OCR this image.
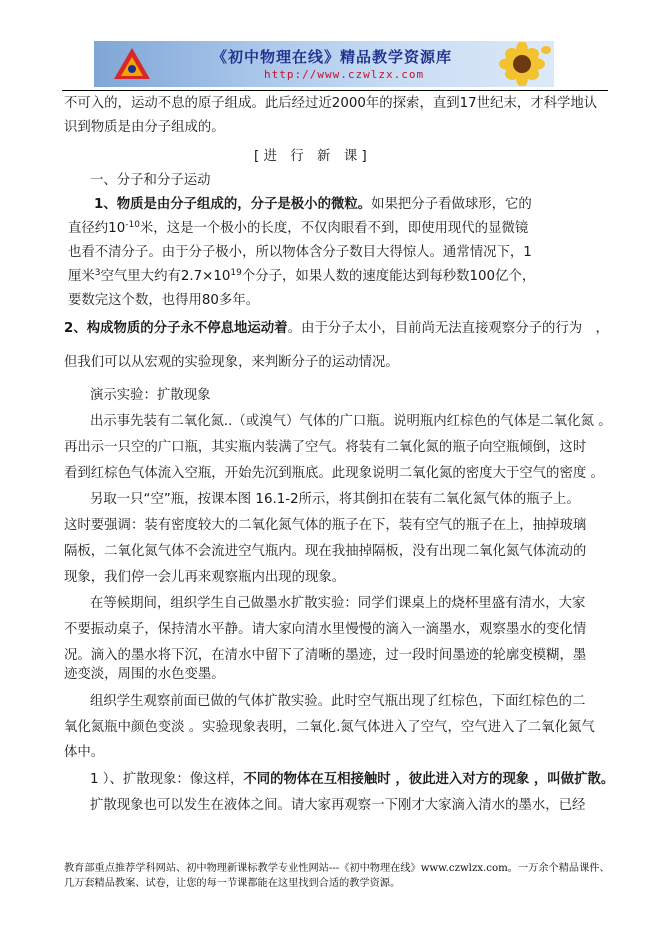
《初中物理在线》精品教学资源库
http://www.czwlzx.com
不可入的，运动不息的原子组成。此后经过近2000年的探索，直到17世纪末，才科学地认
识到物质是由分子组成的。
[ 进　行　新　课 ]
一、分子和分子运动
1、物质是由分子组成的，分子是极小的微粒。如果把分子看做球形，它的
直径约$10^{-10}$米，这是一个极小的长度，不仅肉眼看不到，即使用现代的显微镜
也看不清分子。由于分子极小，所以物体含分子数目大得惊人。通常情况下，1
厘米$^3$空气里大约有$2.7\times 10^{19}$个分子，如果人数的速度能达到每秒数100亿个，
要数完这个数，也得用80多年。
2、构成物质的分子永不停息地运动着。由于分子太小，目前尚无法直接观察分子的行为　，
但我们可以从宏观的实验现象，来判断分子的运动情况。
演示实验：扩散现象
出示事先装有二氧化氮..（或溴气）气体的广口瓶。说明瓶内红棕色的气体是二氧化氮 。
再出示一只空的广口瓶，其实瓶内装满了空气。将装有二氧化氮的瓶子向空瓶倾倒，这时
看到红棕色气体流入空瓶，开始先沉到瓶底。此现象说明二氧化氮的密度大于空气的密度 。
另取一只“空”瓶，按课本图 16.1-2所示，将其倒扣在装有二氧化氮气体的瓶子上。
这时要强调：装有密度较大的二氧化氮气体的瓶子在下，装有空气的瓶子在上，抽掉玻璃
隔板，二氧化氮气体不会流进空气瓶内。现在我抽掉隔板，没有出现二氧化氮气体流动的
现象，我们停一会儿再来观察瓶内出现的现象。
在等候期间，组织学生自己做墨水扩散实验：同学们课桌上的烧杯里盛有清水，大家
不要振动桌子，保持清水平静。请大家向清水里慢慢的滴入一滴墨水，观察墨水的变化情
况。滴入的墨水将下沉，在清水中留下了清晰的墨迹，过一段时间墨迹的轮廓变模糊，墨
迹变淡，周围的水色变墨。
组织学生观察前面已做的气体扩散实验。此时空气瓶出现了红棕色，下面红棕色的二
氧化氮瓶中颜色变淡 。实验现象表明，二氧化.氮气体进入了空气，空气进入了二氧化氮气
体中。
1 ）、扩散现象：像这样，不同的物体在互相接触时 ，彼此进入对方的现象 ，叫做扩散。
扩散现象也可以发生在液体之间。请大家再观察一下刚才大家滴入清水的墨水，已经
教育部重点推荐学科网站、初中物理新课标教学专业性网站---《初中物理在线》www.czwlzx.com。一万余个精品课件、
几万套精品教案、试卷，让您的每一节课都能在这里找到合适的教学资源。
